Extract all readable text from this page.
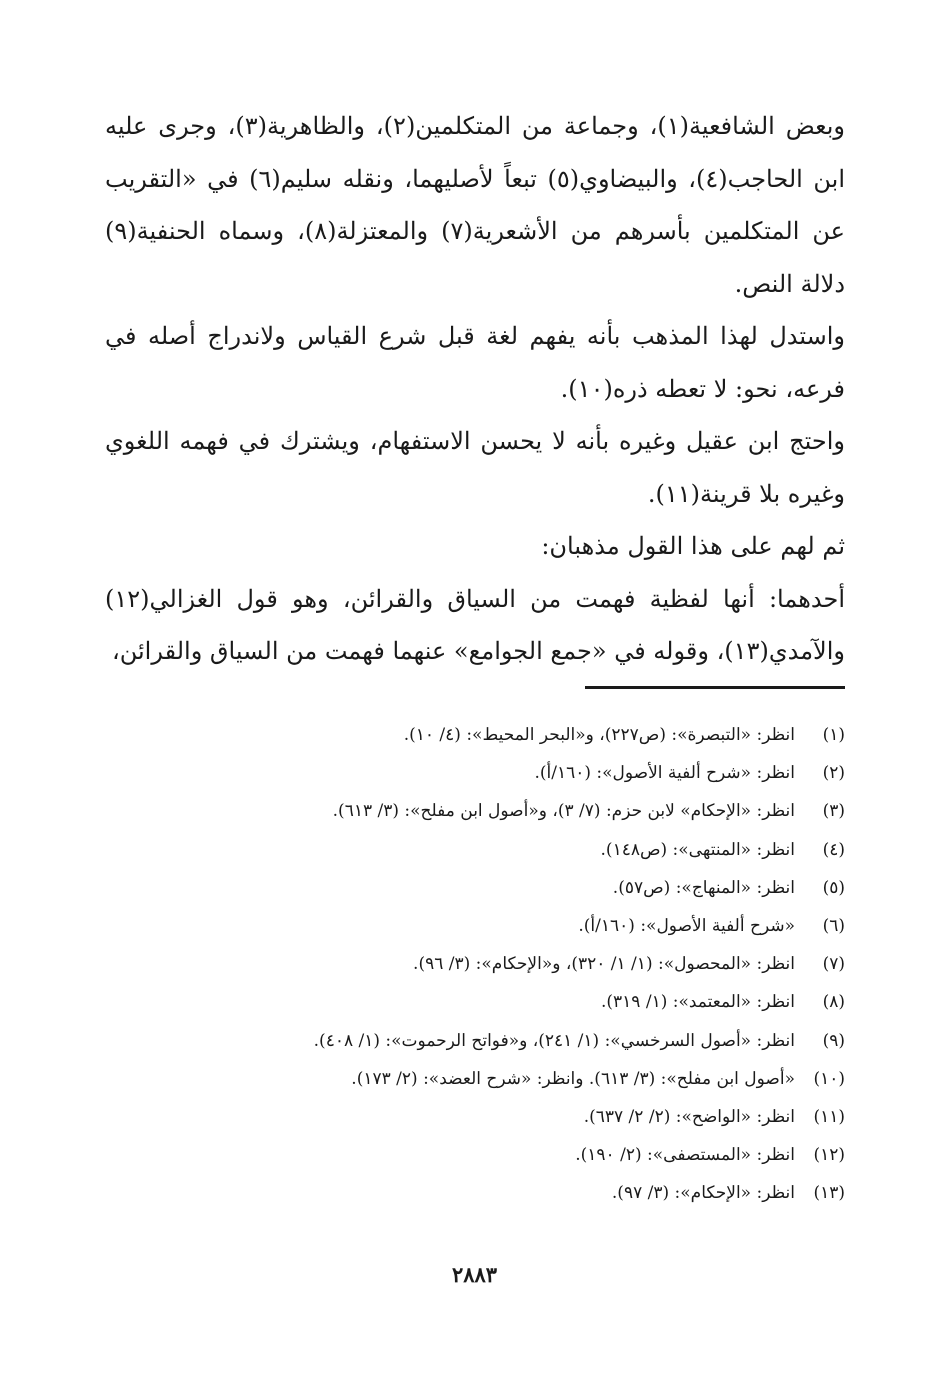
وبعض الشافعية(١)، وجماعة من المتكلمين(٢)، والظاهرية(٣)، وجرى عليه ابن الحاجب(٤)، والبيضاوي(٥) تبعاً لأصليهما، ونقله سليم(٦) في «التقريب عن المتكلمين بأسرهم من الأشعرية(٧) والمعتزلة(٨)، وسماه الحنفية(٩) دلالة النص.

واستدل لهذا المذهب بأنه يفهم لغة قبل شرع القياس ولاندراج أصله في فرعه، نحو: لا تعطه ذره(١٠).

واحتج ابن عقيل وغيره بأنه لا يحسن الاستفهام، ويشترك في فهمه اللغوي وغيره بلا قرينة(١١).

ثم لهم على هذا القول مذهبان:

أحدهما: أنها لفظية فهمت من السياق والقرائن، وهو قول الغزالي(١٢) والآمدي(١٣)، وقوله في «جمع الجوامع» عنهما فهمت من السياق والقرائن،

(١)انظر: «التبصرة»: (ص٢٢٧)، و«البحر المحيط»: (٤/ ١٠).
(٢)انظر: «شرح ألفية الأصول»: (١٦٠/أ).
(٣)انظر: «الإحكام» لابن حزم: (٧/ ٣)، و«أصول ابن مفلح»: (٣/ ٦١٣).
(٤)انظر: «المنتهى»: (ص١٤٨).
(٥)انظر: «المنهاج»: (ص٥٧).
(٦)«شرح ألفية الأصول»: (١٦٠/أ).
(٧)انظر: «المحصول»: (١/ ١/ ٣٢٠)، و«الإحكام»: (٣/ ٩٦).
(٨)انظر: «المعتمد»: (١/ ٣١٩).
(٩)انظر: «أصول السرخسي»: (١/ ٢٤١)، و«فواتح الرحموت»: (١/ ٤٠٨).
(١٠)«أصول ابن مفلح»: (٣/ ٦١٣). وانظر: «شرح العضد»: (٢/ ١٧٣).
(١١)انظر: «الواضح»: (٢/ ٢/ ٦٣٧).
(١٢)انظر: «المستصفى»: (٢/ ١٩٠).
(١٣)انظر: «الإحكام»: (٣/ ٩٧).
٢٨٨٣
